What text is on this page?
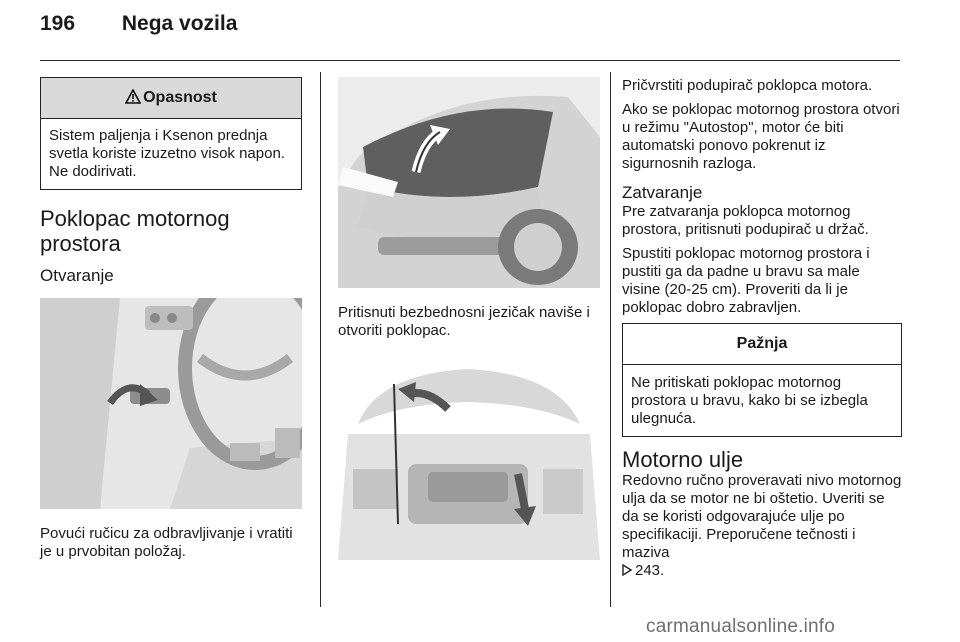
196 Nega vozila
Opasnost
Sistem paljenja i Ksenon prednja svetla koriste izuzetno visok napon. Ne dodirivati.
Poklopac motornog prostora
Otvaranje

Povući ručicu za odbravljivanje i vratiti je u prvobitan položaj.

Pritisnuti bezbednosni jezičak naviše i otvoriti poklopac.

Pričvrstiti podupirač poklopca motora.

Ako se poklopac motornog prostora otvori u režimu "Autostop", motor će biti automatski ponovo pokrenut iz sigurnosnih razloga.

Zatvaranje

Pre zatvaranja poklopca motornog prostora, pritisnuti podupirač u držač.

Spustiti poklopac motornog prostora i pustiti ga da padne u bravu sa male visine (20-25 cm). Proveriti da li je poklopac dobro zabravljen.

Pažnja
Ne pritiskati poklopac motornog prostora u bravu, kako bi se izbegla ulegnuća.
Motorno ulje

Redovno ručno proveravati nivo motornog ulja da se motor ne bi oštetio. Uveriti se da se koristi odgovarajuće ulje po specifikaciji. Preporučene tečnosti i maziva
243.

carmanualsonline.info
